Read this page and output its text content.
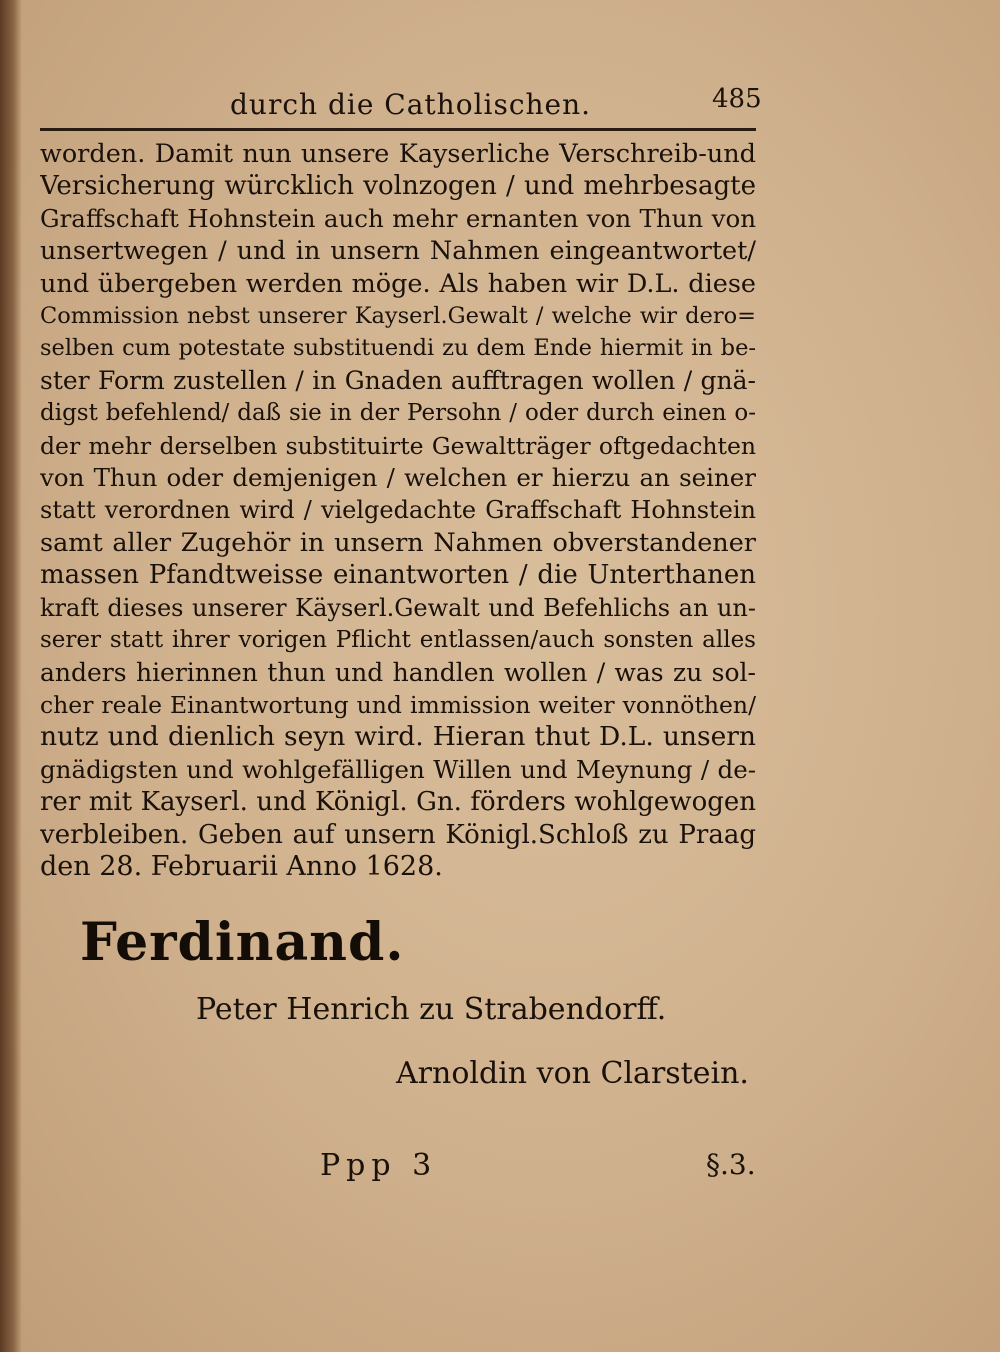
durch die Catholischen.	485
worden. Damit nun unsere Kayserliche Verschreib-und
Versicherung würcklich volnzogen / und mehrbesagte
Graffschaft Hohnstein auch mehr ernanten von Thun von
unsertwegen / und in unsern Nahmen eingeantwortet/
und übergeben werden möge. Als haben wir D.L. diese
Commission nebst unserer Kayserl.Gewalt / welche wir dero=
selben cum potestate substituendi zu dem Ende hiermit in be-
ster Form zustellen / in Gnaden aufftragen wollen / gnä-
digst befehlend/ daß sie in der Persohn / oder durch einen o-
der mehr derselben substituirte Gewaltträger oftgedachten
von Thun oder demjenigen / welchen er hierzu an seiner
statt verordnen wird / vielgedachte Graffschaft Hohnstein
samt aller Zugehör in unsern Nahmen obverstandener
massen Pfandtweisse einantworten / die Unterthanen
kraft dieses unserer Käyserl.Gewalt und Befehlichs an un-
serer statt ihrer vorigen Pflicht entlassen/auch sonsten alles
anders hierinnen thun und handlen wollen / was zu sol-
cher reale Einantwortung und immission weiter vonnöthen/
nutz und dienlich seyn wird. Hieran thut D.L. unsern
gnädigsten und wohlgefälligen Willen und Meynung / de-
rer mit Kayserl. und Königl. Gn. förders wohlgewogen
verbleiben. Geben auf unsern Königl.Schloß zu Praag
den 28. Februarii Anno 1628.
Ferdinand.
Peter Henrich zu Strabendorff.
Arnoldin von Clarstein.
Ppp 3	§.3.
